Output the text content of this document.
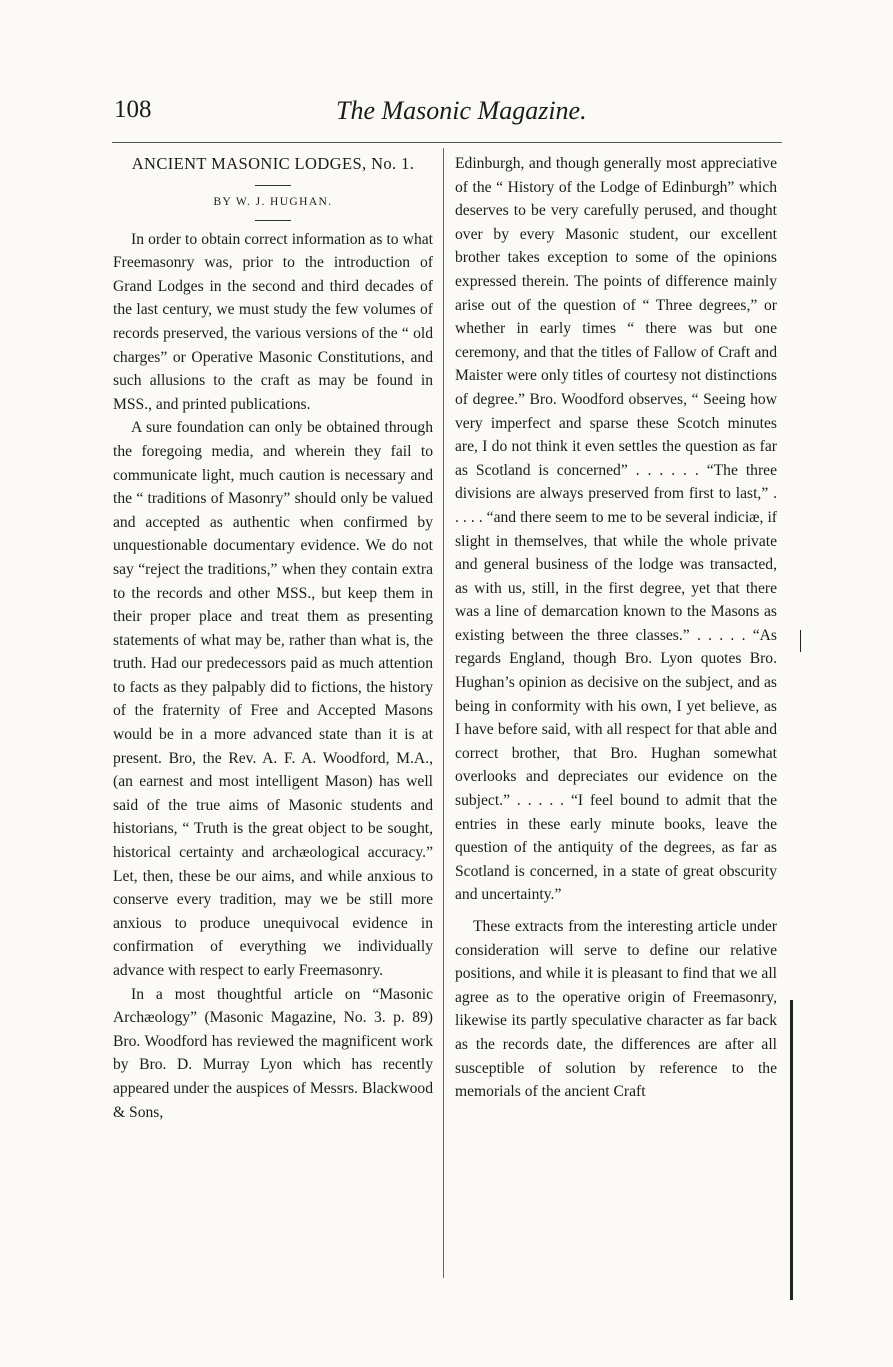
108	The Masonic Magazine.

ANCIENT MASONIC LODGES, No. 1.

BY W. J. HUGHAN.

In order to obtain correct information as to what Freemasonry was, prior to the introduction of Grand Lodges in the second and third decades of the last century, we must study the few volumes of records preserved, the various versions of the “ old charges” or Operative Masonic Constitutions, and such allusions to the craft as may be found in MSS., and printed publications.

A sure foundation can only be obtained through the foregoing media, and wherein they fail to communicate light, much caution is necessary and the “ traditions of Masonry” should only be valued and accepted as authentic when confirmed by unquestionable documentary evidence. We do not say “reject the traditions,” when they contain extra to the records and other MSS., but keep them in their proper place and treat them as presenting statements of what may be, rather than what is, the truth. Had our predecessors paid as much attention to facts as they palpably did to fictions, the history of the fraternity of Free and Accepted Masons would be in a more advanced state than it is at present. Bro, the Rev. A. F. A. Woodford, M.A., (an earnest and most intelligent Mason) has well said of the true aims of Masonic students and historians, “ Truth is the great object to be sought, historical certainty and archæological accuracy.” Let, then, these be our aims, and while anxious to conserve every tradition, may we be still more anxious to produce unequivocal evidence in confirmation of everything we individually advance with respect to early Freemasonry.

In a most thoughtful article on “Masonic Archæology” (Masonic Magazine, No. 3. p. 89) Bro. Woodford has reviewed the magnificent work by Bro. D. Murray Lyon which has recently appeared under the auspices of Messrs. Blackwood & Sons,

Edinburgh, and though generally most appreciative of the “ History of the Lodge of Edinburgh” which deserves to be very carefully perused, and thought over by every Masonic student, our excellent brother takes exception to some of the opinions expressed therein. The points of difference mainly arise out of the question of “ Three degrees,” or whether in early times “ there was but one ceremony, and that the titles of Fallow of Craft and Maister were only titles of courtesy not distinctions of degree.” Bro. Woodford observes, “ Seeing how very imperfect and sparse these Scotch minutes are, I do not think it even settles the question as far as Scotland is concerned” . . . . . . “The three divisions are always preserved from first to last,” . . . . . “and there seem to me to be several indiciæ, if slight in themselves, that while the whole private and general business of the lodge was transacted, as with us, still, in the first degree, yet that there was a line of demarcation known to the Masons as existing between the three classes.” . . . . . “As regards England, though Bro. Lyon quotes Bro. Hughan’s opinion as decisive on the subject, and as being in conformity with his own, I yet believe, as I have before said, with all respect for that able and correct brother, that Bro. Hughan somewhat overlooks and depreciates our evidence on the subject.” . . . . . “I feel bound to admit that the entries in these early minute books, leave the question of the antiquity of the degrees, as far as Scotland is concerned, in a state of great obscurity and uncertainty.”

These extracts from the interesting article under consideration will serve to define our relative positions, and while it is pleasant to find that we all agree as to the operative origin of Freemasonry, likewise its partly speculative character as far back as the records date, the differences are after all susceptible of solution by reference to the memorials of the ancient Craft
